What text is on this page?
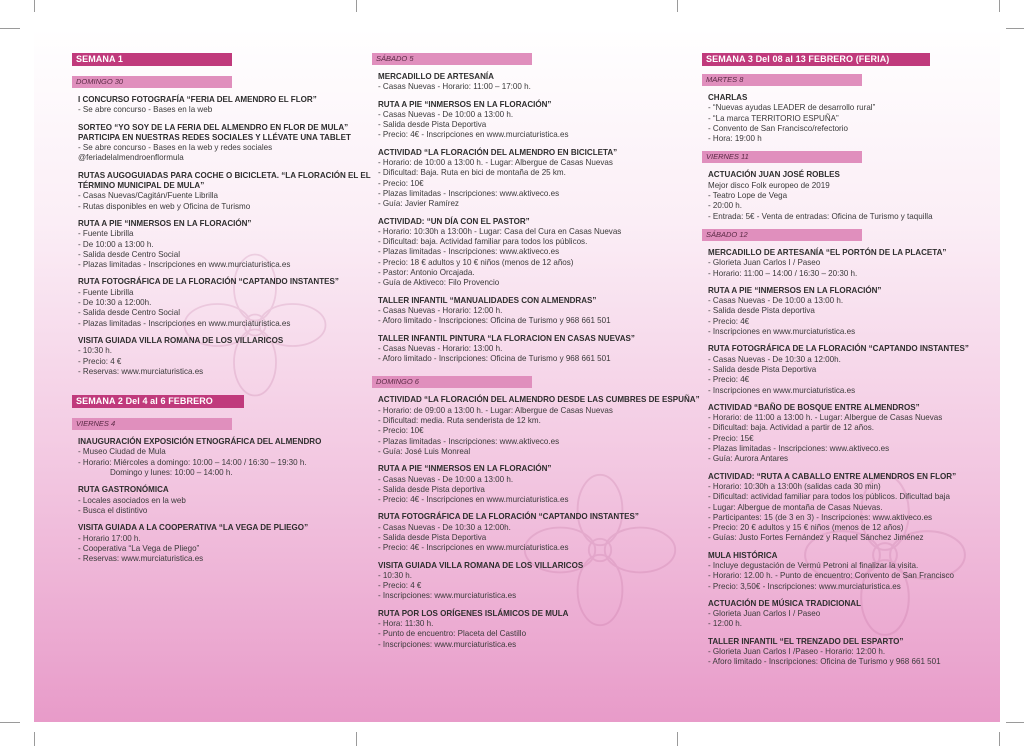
SEMANA 1
DOMINGO 30
I CONCURSO FOTOGRAFÍA “FERIA DEL AMENDRO EL FLOR”
- Se abre concurso - Bases en la web
SORTEO “YO SOY DE LA FERIA DEL ALMENDRO EN FLOR DE MULA”
PARTICIPA EN NUESTRAS REDES SOCIALES Y LLÉVATE UNA TABLET
- Se abre concurso - Bases en la web y redes sociales
@feriadelalmendroenflormula
RUTAS AUGOGUIADAS PARA COCHE O BICICLETA. “LA FLORACIÓN EL EL
TÉRMINO MUNICIPAL DE MULA”
- Casas Nuevas/Cagitán/Fuente Librilla
- Rutas disponibles en web y Oficina de Turismo
RUTA A PIE “INMERSOS EN LA FLORACIÓN”
- Fuente Librilla
- De 10:00 a 13:00 h.
- Salida desde Centro Social
- Plazas limitadas - Inscripciones en www.murciaturistica.es
RUTA FOTOGRÁFICA DE LA FLORACIÓN “CAPTANDO INSTANTES”
- Fuente Librilla
- De 10:30 a 12:00h.
- Salida desde Centro Social
- Plazas limitadas - Inscripciones en www.murciaturistica.es
VISITA GUIADA VILLA ROMANA DE LOS VILLARICOS
- 10:30 h.
- Precio: 4 €
- Reservas: www.murciaturistica.es
SEMANA 2 Del 4 al 6 FEBRERO
VIERNES 4
INAUGURACIÓN EXPOSICIÓN ETNOGRÁFICA DEL ALMENDRO
- Museo Ciudad de Mula
- Horario: Miércoles a domingo: 10:00 – 14:00 / 16:30 – 19:30 h.
Domingo y lunes: 10:00 – 14:00 h.
RUTA GASTRONÓMICA
- Locales asociados en la web
- Busca el distintivo
VISITA GUIADA A LA COOPERATIVA “LA VEGA DE PLIEGO”
- Horario 17:00 h.
- Cooperativa “La Vega de Pliego”
- Reservas: www.murciaturistica.es
SÁBADO 5
MERCADILLO DE ARTESANÍA
- Casas Nuevas - Horario: 11:00 – 17:00 h.
RUTA A PIE “INMERSOS EN LA FLORACIÓN”
- Casas Nuevas - De 10:00 a 13:00 h.
- Salida desde Pista Deportiva
- Precio: 4€ - Inscripciones en www.murciaturistica.es
ACTIVIDAD “LA FLORACIÓN DEL ALMENDRO EN BICICLETA”
- Horario: de 10:00 a 13:00 h. - Lugar: Albergue de Casas Nuevas
- Dificultad: Baja. Ruta en bici de montaña de 25 km.
- Precio: 10€
- Plazas limitadas - Inscripciones: www.aktiveco.es
- Guía: Javier Ramírez
ACTIVIDAD: “UN DÍA CON EL PASTOR”
- Horario: 10:30h a 13:00h - Lugar: Casa del Cura en Casas Nuevas
- Dificultad: baja. Actividad familiar para todos los públicos.
- Plazas limitadas - Inscripciones: www.aktiveco.es
- Precio: 18 € adultos y 10 € niños (menos de 12 años)
- Pastor: Antonio Orcajada.
- Guía de Aktiveco: Filo Provencio
TALLER INFANTIL “MANUALIDADES CON ALMENDRAS”
- Casas Nuevas - Horario: 12:00 h.
- Aforo limitado - Inscripciones: Oficina de Turismo y 968 661 501
TALLER INFANTIL PINTURA “LA FLORACION EN CASAS NUEVAS”
- Casas Nuevas - Horario: 13:00 h.
- Aforo limitado - Inscripciones: Oficina de Turismo y 968 661 501
DOMINGO 6
ACTIVIDAD “LA FLORACIÓN DEL ALMENDRO DESDE LAS CUMBRES DE ESPUÑA”
- Horario: de 09:00 a 13:00 h. - Lugar: Albergue de Casas Nuevas
- Dificultad: media. Ruta senderista de 12 km.
- Precio: 10€
- Plazas limitadas - Inscripciones: www.aktiveco.es
- Guía: José Luis Monreal
RUTA A PIE “INMERSOS EN LA FLORACIÓN”
- Casas Nuevas - De 10:00 a 13:00 h.
- Salida desde Pista deportiva
- Precio: 4€ - Inscripciones en www.murciaturistica.es
RUTA FOTOGRÁFICA DE LA FLORACIÓN “CAPTANDO INSTANTES”
- Casas Nuevas - De 10:30 a 12:00h.
- Salida desde Pista Deportiva
- Precio: 4€ - Inscripciones en www.murciaturistica.es
VISITA GUIADA VILLA ROMANA DE LOS VILLARICOS
- 10:30 h.
- Precio: 4 €
- Inscripciones: www.murciaturistica.es
RUTA POR LOS ORÍGENES ISLÁMICOS DE MULA
- Hora: 11:30 h.
- Punto de encuentro: Placeta del Castillo
- Inscripciones: www.murciaturistica.es
SEMANA 3 Del 08 al 13 FEBRERO (FERIA)
MARTES 8
CHARLAS
- “Nuevas ayudas LEADER de desarrollo rural”
- “La marca TERRITORIO ESPUÑA”
- Convento de San Francisco/refectorio
- Hora: 19:00 h
VIERNES 11
ACTUACIÓN JUAN JOSÉ ROBLES
Mejor disco Folk europeo de 2019
- Teatro Lope de Vega
- 20:00 h.
- Entrada: 5€ - Venta de entradas: Oficina de Turismo y taquilla
SÁBADO 12
MERCADILLO DE ARTESANÍA “EL PORTÓN DE LA PLACETA”
- Glorieta Juan Carlos I / Paseo
- Horario: 11:00 – 14:00 / 16:30 – 20:30 h.
RUTA A PIE “INMERSOS EN LA FLORACIÓN”
- Casas Nuevas - De 10:00 a 13:00 h.
- Salida desde Pista deportiva
- Precio: 4€
- Inscripciones en www.murciaturistica.es
RUTA FOTOGRÁFICA DE LA FLORACIÓN “CAPTANDO INSTANTES”
- Casas Nuevas - De 10:30 a 12:00h.
- Salida desde Pista Deportiva
- Precio: 4€
- Inscripciones en www.murciaturistica.es
ACTIVIDAD “BAÑO DE BOSQUE ENTRE ALMENDROS”
- Horario: de 11:00 a 13:00 h. - Lugar: Albergue de Casas Nuevas
- Dificultad: baja. Actividad a partir de 12 años.
- Precio: 15€
- Plazas limitadas - Inscripciones: www.aktiveco.es
- Guía: Aurora Antares
ACTIVIDAD: “RUTA A CABALLO ENTRE ALMENDROS EN FLOR”
- Horario: 10:30h a 13:00h (salidas cada 30 min)
- Dificultad: actividad familiar para todos los públicos. Dificultad baja
- Lugar: Albergue de montaña de Casas Nuevas.
- Participantes: 15 (de 3 en 3) - Inscripciones: www.aktiveco.es
- Precio: 20 € adultos y 15 € niños (menos de 12 años)
- Guías: Justo Fortes Fernández y Raquel Sánchez Jiménez
MULA HISTÓRICA
- Incluye degustación de Vermú Petroni al finalizar la visita.
- Horario: 12.00 h. - Punto de encuentro: Convento de San Francisco
- Precio: 3,50€ - Inscripciones: www.murciaturistica.es
ACTUACIÓN DE MÚSICA TRADICIONAL
- Glorieta Juan Carlos I / Paseo
- 12:00 h.
TALLER INFANTIL “EL TRENZADO DEL ESPARTO”
- Glorieta Juan Carlos I /Paseo - Horario: 12:00 h.
- Aforo limitado - Inscripciones: Oficina de Turismo y 968 661 501
